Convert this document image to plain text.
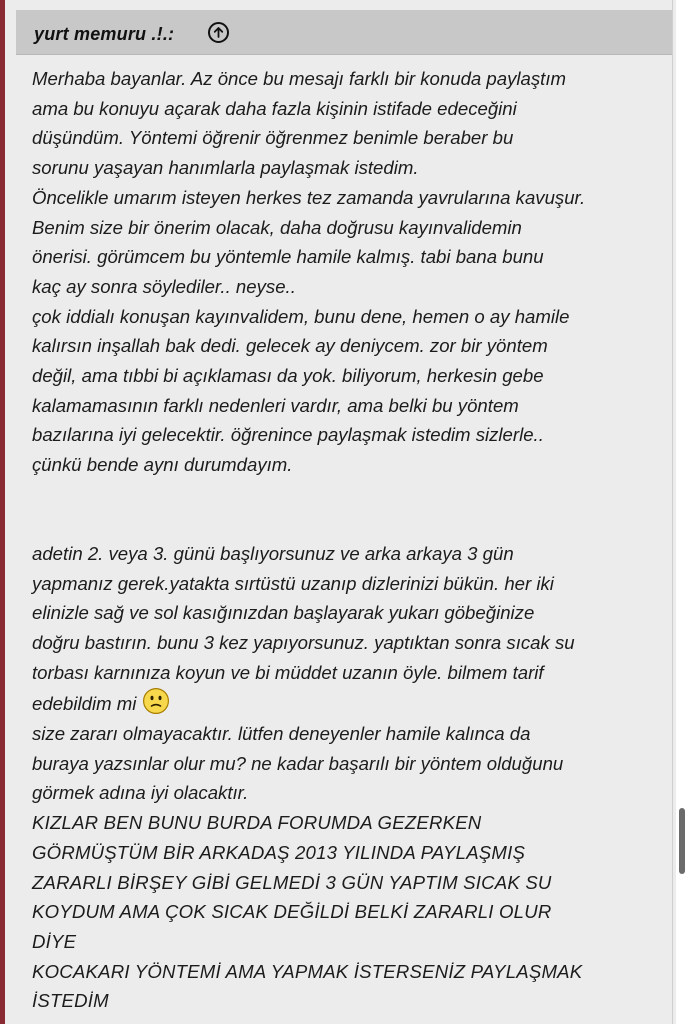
yurt memuru .!.:
Merhaba bayanlar. Az önce bu mesajı farklı bir konuda paylaştım
ama bu konuyu açarak daha fazla kişinin istifade edeceğini
düşündüm. Yöntemi öğrenir öğrenmez benimle beraber bu
sorunu yaşayan hanımlarla paylaşmak istedim.
Öncelikle umarım isteyen herkes tez zamanda yavrularına kavuşur.
Benim size bir önerim olacak, daha doğrusu kayınvalidemin
önerisi. görümcem bu yöntemle hamile kalmış. tabi bana bunu
kaç ay sonra söylediler.. neyse..
çok iddialı konuşan kayınvalidem, bunu dene, hemen o ay hamile
kalırsın inşallah bak dedi. gelecek ay deniycem. zor bir yöntem
değil, ama tıbbi bi açıklaması da yok. biliyorum, herkesin gebe
kalamamasının farklı nedenleri vardır, ama belki bu yöntem
bazılarına iyi gelecektir. öğrenince paylaşmak istedim sizlerle..
çünkü bende aynı durumdayım.
adetin 2. veya 3. günü başlıyorsunuz ve arka arkaya 3 gün
yapmanız gerek.yatakta sırtüstü uzanıp dizlerinizi bükün. her iki
elinizle sağ ve sol kasığınızdan başlayarak yukarı göbeğinize
doğru bastırın. bunu 3 kez yapıyorsunuz. yaptıktan sonra sıcak su
torbası karnınıza koyun ve bi müddet uzanın öyle. bilmem tarif
edebildim mi
size zararı olmayacaktır. lütfen deneyenler hamile kalınca da
buraya yazsınlar olur mu? ne kadar başarılı bir yöntem olduğunu
görmek adına iyi olacaktır.
KIZLAR BEN BUNU BURDA FORUMDA GEZERKEN
GÖRMÜŞTÜM BİR ARKADAŞ 2013 YILINDA PAYLAŞMIŞ
ZARARLI BİRŞEY GİBİ GELMEDİ 3 GÜN YAPTIM SICAK SU
KOYDUM AMA ÇOK SICAK DEĞİLDİ BELKİ ZARARLI OLUR
DİYE
KOCAKARI YÖNTEMİ AMA YAPMAK İSTERSENİZ PAYLAŞMAK
İSTEDİM
